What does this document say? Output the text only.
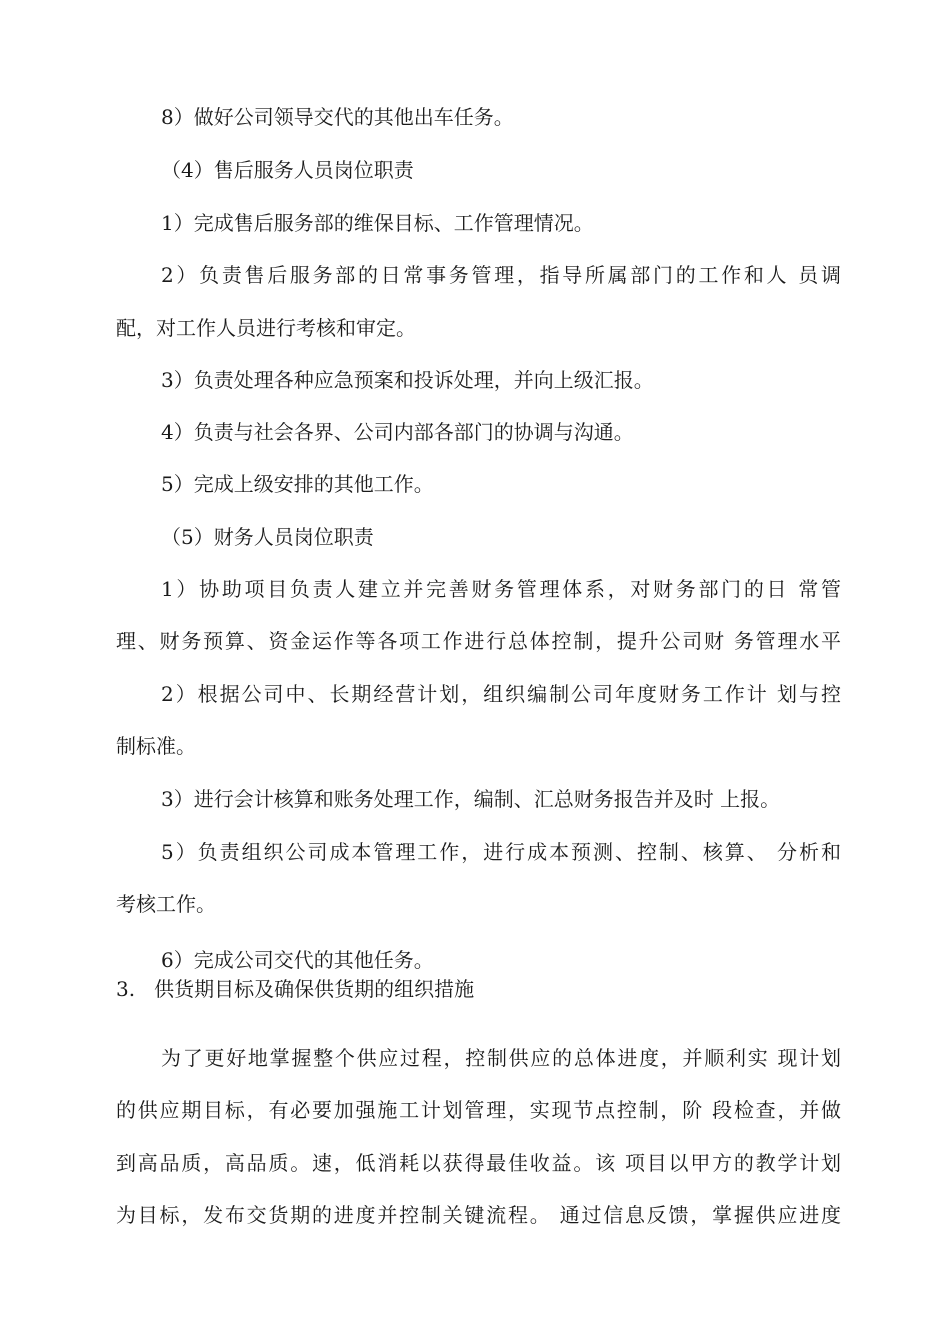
8）做好公司领导交代的其他出车任务。
（4）售后服务人员岗位职责
1）完成售后服务部的维保目标、工作管理情况。
2）负责售后服务部的日常事务管理，指导所属部门的工作和人 员调
配，对工作人员进行考核和审定。
3）负责处理各种应急预案和投诉处理，并向上级汇报。
4）负责与社会各界、公司内部各部门的协调与沟通。
5）完成上级安排的其他工作。
（5）财务人员岗位职责
1）协助项目负责人建立并完善财务管理体系，对财务部门的日 常管
理、财务预算、资金运作等各项工作进行总体控制，提升公司财 务管理水平
2）根据公司中、长期经营计划，组织编制公司年度财务工作计 划与控
制标准。
3）进行会计核算和账务处理工作，编制、汇总财务报告并及时 上报。
5）负责组织公司成本管理工作，进行成本预测、控制、核算、 分析和
考核工作。
6）完成公司交代的其他任务。
3.   供货期目标及确保供货期的组织措施
为了更好地掌握整个供应过程，控制供应的总体进度，并顺利实 现计划
的供应期目标，有必要加强施工计划管理，实现节点控制，阶 段检查，并做
到高品质，高品质。速，低消耗以获得最佳收益。该 项目以甲方的教学计划
为目标，发布交货期的进度并控制关键流程。 通过信息反馈，掌握供应进度
